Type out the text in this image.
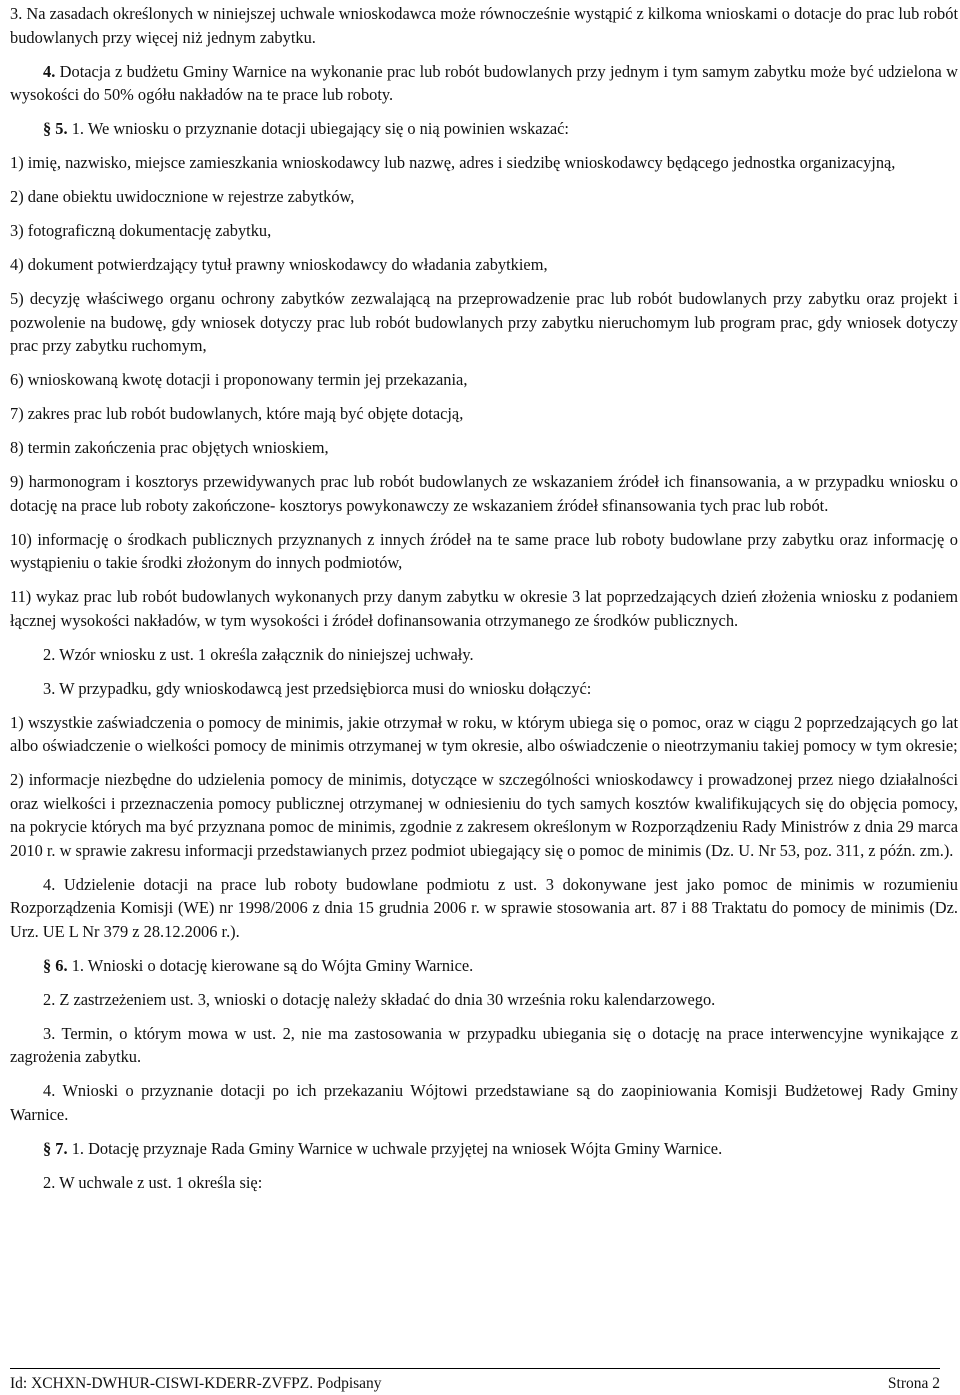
3. Na zasadach określonych w niniejszej uchwale wnioskodawca może równocześnie wystąpić z kilkoma wnioskami o dotacje do prac lub robót budowlanych przy więcej niż jednym zabytku.

4. Dotacja z budżetu Gminy Warnice na wykonanie prac lub robót budowlanych przy jednym i tym samym zabytku może być udzielona w wysokości do 50% ogółu nakładów na te prace lub roboty.

§ 5. 1. We wniosku o przyznanie dotacji ubiegający się o nią powinien wskazać:

1) imię, nazwisko, miejsce zamieszkania wnioskodawcy lub nazwę, adres i siedzibę wnioskodawcy będącego jednostka organizacyjną,

2) dane obiektu uwidocznione w rejestrze zabytków,

3) fotograficzną dokumentację zabytku,

4) dokument potwierdzający tytuł prawny wnioskodawcy do władania zabytkiem,

5) decyzję właściwego organu ochrony zabytków zezwalającą na przeprowadzenie prac lub robót budowlanych przy zabytku oraz projekt i pozwolenie na budowę, gdy wniosek dotyczy prac lub robót budowlanych przy zabytku nieruchomym lub program prac, gdy wniosek dotyczy prac przy zabytku ruchomym,

6) wnioskowaną kwotę dotacji i proponowany termin jej przekazania,

7) zakres prac lub robót budowlanych, które mają być objęte dotacją,

8) termin zakończenia prac objętych wnioskiem,

9) harmonogram i kosztorys przewidywanych prac lub robót budowlanych ze wskazaniem źródeł ich finansowania, a w przypadku wniosku o dotację na prace lub roboty zakończone- kosztorys powykonawczy ze wskazaniem źródeł sfinansowania tych prac lub robót.

10) informację o środkach publicznych przyznanych z innych źródeł na te same prace lub roboty budowlane przy zabytku oraz informację o wystąpieniu o takie środki złożonym do innych podmiotów,

11) wykaz prac lub robót budowlanych wykonanych przy danym zabytku w okresie 3 lat poprzedzających dzień złożenia wniosku z podaniem łącznej wysokości nakładów, w tym wysokości i źródeł dofinansowania otrzymanego ze środków publicznych.

2. Wzór wniosku z ust. 1 określa załącznik do niniejszej uchwały.

3. W przypadku, gdy wnioskodawcą jest przedsiębiorca musi do wniosku dołączyć:

1) wszystkie zaświadczenia o pomocy de minimis, jakie otrzymał w roku, w którym ubiega się o pomoc, oraz w ciągu 2 poprzedzających go lat albo oświadczenie o wielkości pomocy de minimis otrzymanej w tym okresie, albo oświadczenie o nieotrzymaniu takiej pomocy w tym okresie;

2) informacje niezbędne do udzielenia pomocy de minimis, dotyczące w szczególności wnioskodawcy i prowadzonej przez niego działalności oraz wielkości i przeznaczenia pomocy publicznej otrzymanej w odniesieniu do tych samych kosztów kwalifikujących się do objęcia pomocy, na pokrycie których ma być przyznana pomoc de minimis, zgodnie z zakresem określonym w Rozporządzeniu Rady Ministrów z dnia 29 marca 2010 r. w sprawie zakresu informacji przedstawianych przez podmiot ubiegający się o pomoc de minimis (Dz. U. Nr 53, poz. 311, z późn. zm.).

4. Udzielenie dotacji na prace lub roboty budowlane podmiotu z ust. 3 dokonywane jest jako pomoc de minimis w rozumieniu Rozporządzenia Komisji (WE) nr 1998/2006 z dnia 15 grudnia 2006 r. w sprawie stosowania art. 87 i 88 Traktatu do pomocy de minimis (Dz. Urz. UE L Nr 379 z 28.12.2006 r.).

§ 6. 1. Wnioski o dotację kierowane są do Wójta Gminy Warnice.

2. Z zastrzeżeniem ust. 3, wnioski o dotację należy składać do dnia 30 września roku kalendarzowego.

3. Termin, o którym mowa w ust. 2, nie ma zastosowania w przypadku ubiegania się o dotację na prace interwencyjne wynikające z zagrożenia zabytku.

4. Wnioski o przyznanie dotacji po ich przekazaniu Wójtowi przedstawiane są do zaopiniowania Komisji Budżetowej Rady Gminy Warnice.

§ 7. 1. Dotację przyznaje Rada Gminy Warnice w uchwale przyjętej na wniosek Wójta Gminy Warnice.

2. W uchwale z ust. 1 określa się:

Id: XCHXN-DWHUR-CISWI-KDERR-ZVFPZ. Podpisany	Strona 2
